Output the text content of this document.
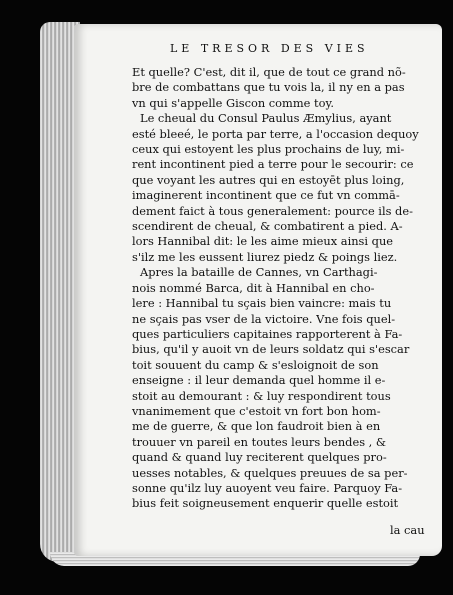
LE TRESOR DES VIES
Et quelle? C'est, dit il, que de tout ce grand nõ-
bre de combattans que tu vois la, il ny en a pas
vn qui s'appelle Giscon comme toy.
Le cheual du Consul Paulus Æmylius, ayant
esté bleeé, le porta par terre, a l'occasion dequoy
ceux qui estoyent les plus prochains de luy, mi-
rent incontinent pied a terre pour le secourir: ce
que voyant les autres qui en estoyēt plus loing,
imaginerent incontinent que ce fut vn commā-
dement faict à tous generalement: pource ils de-
scendirent de cheual, & combatirent a pied. A-
lors Hannibal dit: le les aime mieux ainsi que
s'ilz me les eussent liurez piedz & poings liez.
Apres la bataille de Cannes, vn Carthagi-
nois nommé Barca, dit à Hannibal en cho-
lere : Hannibal tu sçais bien vaincre: mais tu
ne sçais pas vser de la victoire. Vne fois quel-
ques particuliers capitaines rapporterent à Fa-
bius, qu'il y auoit vn de leurs soldatz qui s'escar
toit souuent du camp & s'esloignoit de son
enseigne : il leur demanda quel homme il e-
stoit au demourant : & luy respondirent tous
vnanimement que c'estoit vn fort bon hom-
me de guerre, & que lon faudroit bien à en
trouuer vn pareil en toutes leurs bendes , &
quand & quand luy reciterent quelques pro-
uesses notables, & quelques preuues de sa per-
sonne qu'ilz luy auoyent veu faire. Parquoy Fa-
bius feit soigneusement enquerir quelle estoit
la cau
